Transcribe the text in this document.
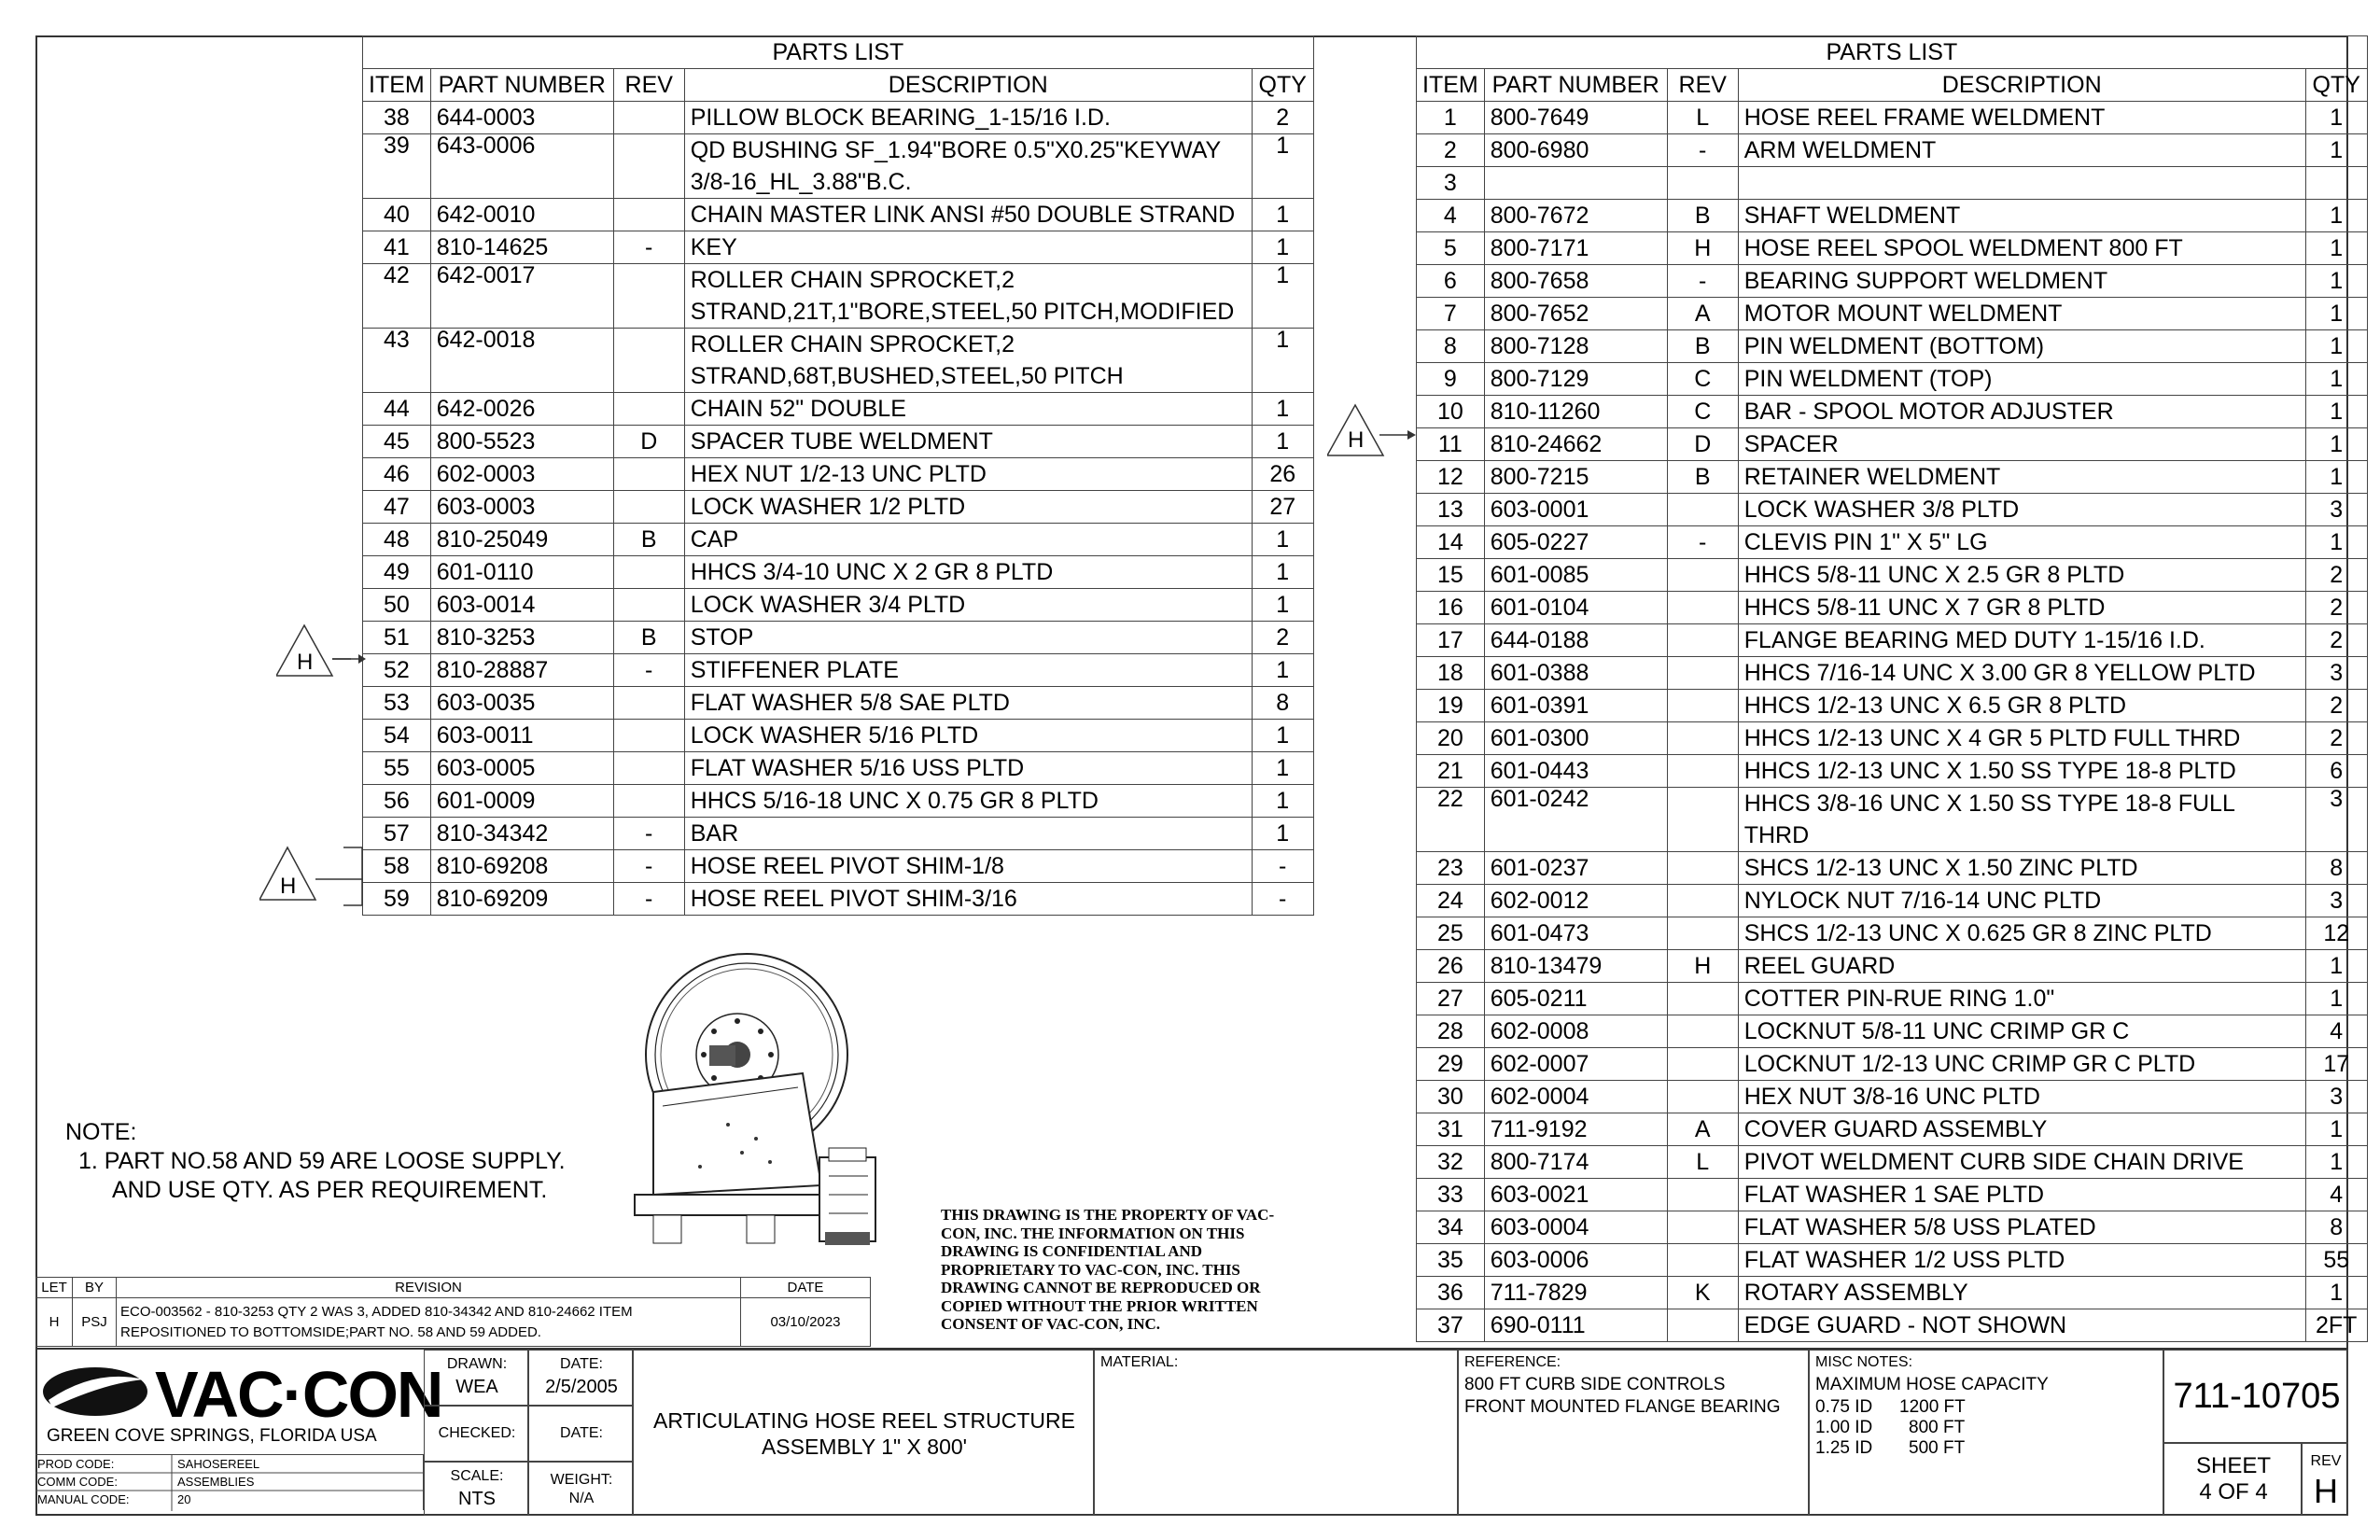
PARTS LIST				
ITEM	PART NUMBER	REV	DESCRIPTION	QTY
38	644-0003		PILLOW BLOCK BEARING_1-15/16 I.D.	2
39	643-0006		QD BUSHING SF_1.94"BORE 0.5"X0.25"KEYWAY 3/8-16_HL_3.88"B.C.	1
40	642-0010		CHAIN MASTER LINK ANSI #50 DOUBLE STRAND	1
41	810-14625	-	KEY	1
42	642-0017		ROLLER CHAIN SPROCKET,2 STRAND,21T,1"BORE,STEEL,50 PITCH,MODIFIED	1
43	642-0018		ROLLER CHAIN SPROCKET,2 STRAND,68T,BUSHED,STEEL,50 PITCH	1
44	642-0026		CHAIN 52" DOUBLE	1
45	800-5523	D	SPACER TUBE WELDMENT	1
46	602-0003		HEX NUT 1/2-13 UNC PLTD	26
47	603-0003		LOCK WASHER 1/2 PLTD	27
48	810-25049	B	CAP	1
49	601-0110		HHCS 3/4-10 UNC X 2 GR 8 PLTD	1
50	603-0014		LOCK WASHER 3/4 PLTD	1
51	810-3253	B	STOP	2
52	810-28887	-	STIFFENER PLATE	1
53	603-0035		FLAT WASHER 5/8 SAE PLTD	8
54	603-0011		LOCK WASHER 5/16 PLTD	1
55	603-0005		FLAT WASHER 5/16 USS PLTD	1
56	601-0009		HHCS 5/16-18 UNC X 0.75 GR 8 PLTD	1
57	810-34342	-	BAR	1
58	810-69208	-	HOSE REEL PIVOT SHIM-1/8	-
59	810-69209	-	HOSE REEL PIVOT SHIM-3/16	-
PARTS LIST				
ITEM	PART NUMBER	REV	DESCRIPTION	QTY
1	800-7649	L	HOSE REEL FRAME WELDMENT	1
2	800-6980	-	ARM WELDMENT	1
3				
4	800-7672	B	SHAFT WELDMENT	1
5	800-7171	H	HOSE REEL SPOOL WELDMENT 800 FT	1
6	800-7658	-	BEARING SUPPORT WELDMENT	1
7	800-7652	A	MOTOR MOUNT WELDMENT	1
8	800-7128	B	PIN WELDMENT (BOTTOM)	1
9	800-7129	C	PIN WELDMENT (TOP)	1
10	810-11260	C	BAR - SPOOL MOTOR ADJUSTER	1
11	810-24662	D	SPACER	1
12	800-7215	B	RETAINER WELDMENT	1
13	603-0001		LOCK WASHER 3/8 PLTD	3
14	605-0227	-	CLEVIS PIN 1" X 5" LG	1
15	601-0085		HHCS 5/8-11 UNC X 2.5 GR 8 PLTD	2
16	601-0104		HHCS 5/8-11 UNC X 7 GR 8 PLTD	2
17	644-0188		FLANGE BEARING MED DUTY 1-15/16 I.D.	2
18	601-0388		HHCS 7/16-14 UNC X 3.00 GR 8 YELLOW PLTD	3
19	601-0391		HHCS 1/2-13 UNC X 6.5 GR 8 PLTD	2
20	601-0300		HHCS 1/2-13 UNC X 4 GR 5 PLTD FULL THRD	2
21	601-0443		HHCS 1/2-13 UNC X 1.50 SS TYPE 18-8 PLTD	6
22	601-0242		HHCS 3/8-16 UNC X 1.50 SS TYPE 18-8 FULL THRD	3
23	601-0237		SHCS 1/2-13 UNC X 1.50 ZINC PLTD	8
24	602-0012		NYLOCK NUT 7/16-14 UNC PLTD	3
25	601-0473		SHCS 1/2-13 UNC X 0.625 GR 8 ZINC PLTD	12
26	810-13479	H	REEL GUARD	1
27	605-0211		COTTER PIN-RUE RING 1.0"	1
28	602-0008		LOCKNUT 5/8-11 UNC CRIMP GR C	4
29	602-0007		LOCKNUT 1/2-13 UNC CRIMP GR C PLTD	17
30	602-0004		HEX NUT 3/8-16 UNC PLTD	3
31	711-9192	A	COVER GUARD ASSEMBLY	1
32	800-7174	L	PIVOT WELDMENT CURB SIDE CHAIN DRIVE	1
33	603-0021		FLAT WASHER 1 SAE PLTD	4
34	603-0004		FLAT WASHER 5/8 USS PLATED	8
35	603-0006		FLAT WASHER 1/2 USS PLTD	55
36	711-7829	K	ROTARY ASSEMBLY	1
37	690-0111		EDGE GUARD - NOT SHOWN	2FT
H
H
H
NOTE:
1. PART NO.58 AND 59 ARE LOOSE SUPPLY.
AND USE QTY. AS PER REQUIREMENT.
THIS DRAWING IS THE PROPERTY OF VAC-CON, INC. THE INFORMATION ON THIS DRAWING IS CONFIDENTIAL AND PROPRIETARY TO VAC-CON, INC. THIS DRAWING CANNOT BE REPRODUCED OR COPIED WITHOUT THE PRIOR WRITTEN CONSENT OF VAC-CON, INC.
LET	BY	REVISION	DATE
H	PSJ	ECO-003562 - 810-3253 QTY 2 WAS 3, ADDED 810-34342 AND 810-24662 ITEM
REPOSITIONED TO BOTTOMSIDE;PART NO. 58 AND 59 ADDED.	03/10/2023
VAC·CON
GREEN COVE SPRINGS, FLORIDA USA
PROD CODE:	SAHOSEREEL
COMM CODE:	ASSEMBLIES
MANUAL CODE:	20
DRAWN:
WEA
DATE:
2/5/2005
CHECKED:	DATE:
SCALE:
NTS
WEIGHT:
N/A
ARTICULATING HOSE REEL STRUCTURE
ASSEMBLY 1" X 800'
MATERIAL:	REFERENCE:
800 FT CURB SIDE CONTROLS
FRONT MOUNTED FLANGE BEARING
MISC NOTES:
MAXIMUM HOSE CAPACITY
0.75 ID 1200 FT
1.00 ID 800 FT
1.25 ID 500 FT
711-10705
SHEET
4 OF 4
REV
H
